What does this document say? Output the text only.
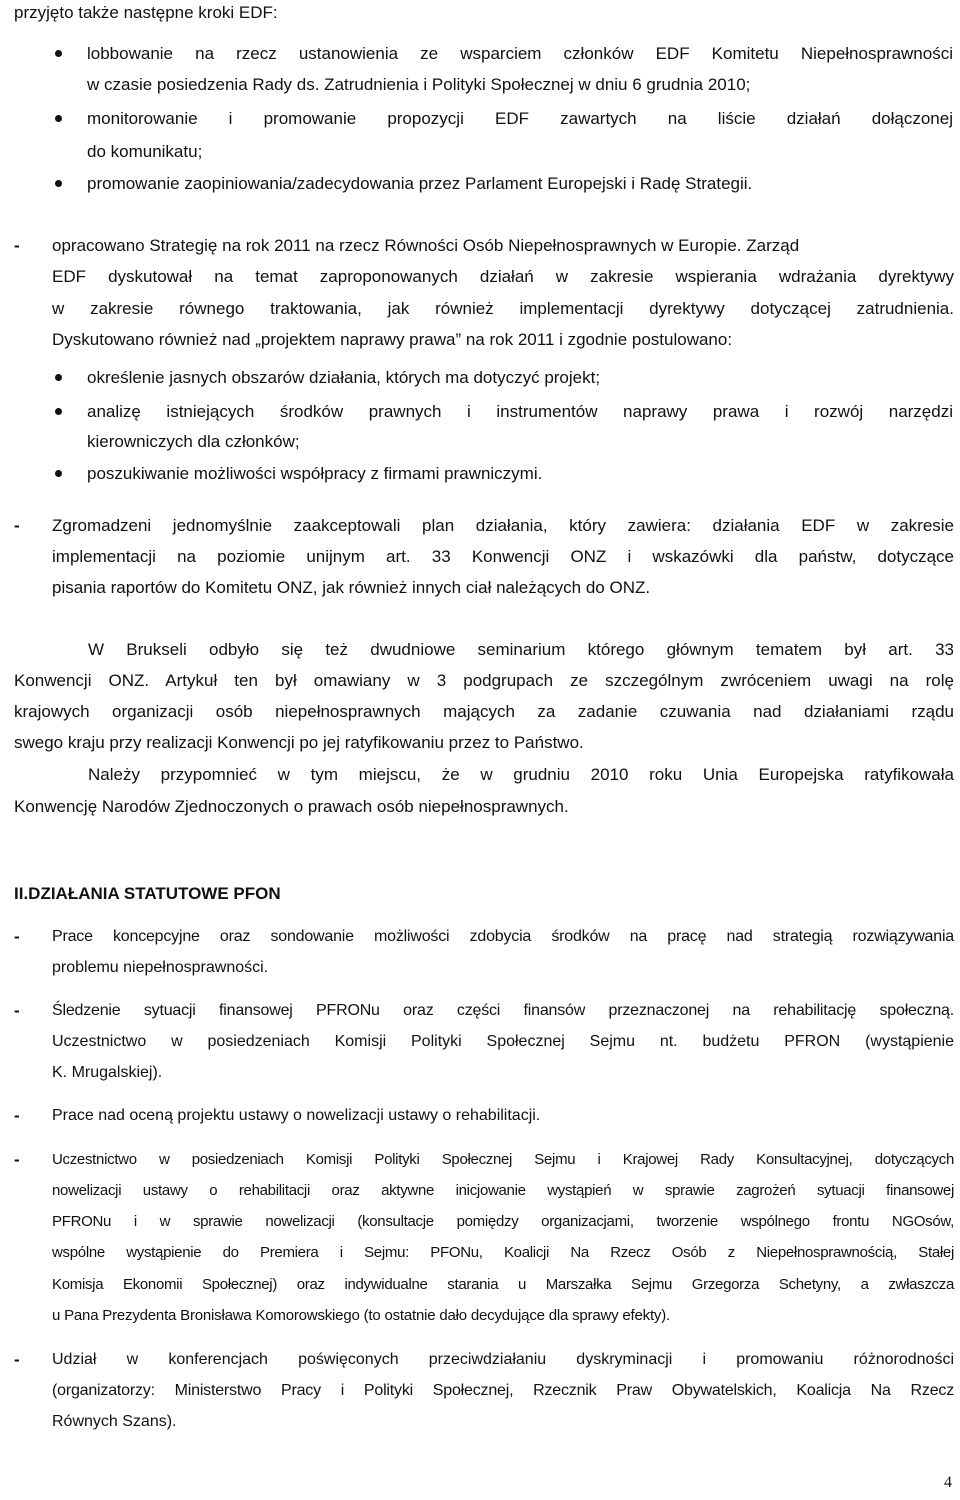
przyjęto także następne kroki EDF:
lobbowanie na rzecz ustanowienia ze wsparciem członków EDF Komitetu Niepełnosprawności
w czasie posiedzenia Rady ds. Zatrudnienia i Polityki Społecznej w dniu 6 grudnia 2010;
monitorowanie i promowanie propozycji EDF zawartych na liście działań dołączonej
do komunikatu;
promowanie zaopiniowania/zadecydowania przez Parlament Europejski i Radę Strategii.
- opracowano Strategię na rok 2011 na rzecz Równości Osób Niepełnosprawnych w Europie. Zarząd
EDF dyskutował na temat zaproponowanych działań w zakresie wspierania wdrażania dyrektywy
w zakresie równego traktowania, jak również implementacji dyrektywy dotyczącej zatrudnienia.
Dyskutowano również nad „projektem naprawy prawa” na rok 2011 i zgodnie postulowano:
określenie jasnych obszarów działania, których ma dotyczyć projekt;
analizę istniejących środków prawnych i instrumentów naprawy prawa i rozwój narzędzi
kierowniczych dla członków;
poszukiwanie możliwości współpracy z firmami prawniczymi.
- Zgromadzeni jednomyślnie zaakceptowali plan działania, który zawiera: działania EDF w zakresie
implementacji na poziomie unijnym art. 33 Konwencji ONZ i wskazówki dla państw, dotyczące
pisania raportów do Komitetu ONZ, jak również innych ciał należących do ONZ.
W Brukseli odbyło się też dwudniowe seminarium którego głównym tematem był art. 33
Konwencji ONZ. Artykuł ten był omawiany w 3 podgrupach ze szczególnym zwróceniem uwagi na rolę
krajowych organizacji osób niepełnosprawnych mających za zadanie czuwania nad działaniami rządu
swego kraju przy realizacji Konwencji po jej ratyfikowaniu przez to Państwo.
Należy przypomnieć w tym miejscu, że w grudniu 2010 roku Unia Europejska ratyfikowała
Konwencję Narodów Zjednoczonych o prawach osób niepełnosprawnych.
II.DZIAŁANIA STATUTOWE PFON
- Prace koncepcyjne oraz sondowanie możliwości zdobycia środków na pracę nad strategią rozwiązywania
problemu niepełnosprawności.
- Śledzenie sytuacji finansowej PFRONu oraz części finansów przeznaczonej na rehabilitację społeczną.
Uczestnictwo w posiedzeniach Komisji Polityki Społecznej Sejmu nt. budżetu PFRON (wystąpienie
K. Mrugalskiej).
- Prace nad oceną projektu ustawy o nowelizacji ustawy o rehabilitacji.
- Uczestnictwo w posiedzeniach Komisji Polityki Społecznej Sejmu i Krajowej Rady Konsultacyjnej, dotyczących
nowelizacji ustawy o rehabilitacji oraz aktywne inicjowanie wystąpień w sprawie zagrożeń sytuacji finansowej
PFRONu i w sprawie nowelizacji (konsultacje pomiędzy organizacjami, tworzenie wspólnego frontu NGOsów,
wspólne wystąpienie do Premiera i Sejmu: PFONu, Koalicji Na Rzecz Osób z Niepełnosprawnością, Stałej
Komisja Ekonomii Społecznej) oraz indywidualne starania u Marszałka Sejmu Grzegorza Schetyny, a zwłaszcza
u Pana Prezydenta Bronisława Komorowskiego (to ostatnie dało decydujące dla sprawy efekty).
- Udział w konferencjach poświęconych przeciwdziałaniu dyskryminacji i promowaniu różnorodności
(organizatorzy: Ministerstwo Pracy i Polityki Społecznej, Rzecznik Praw Obywatelskich, Koalicja Na Rzecz
Równych Szans).
4
